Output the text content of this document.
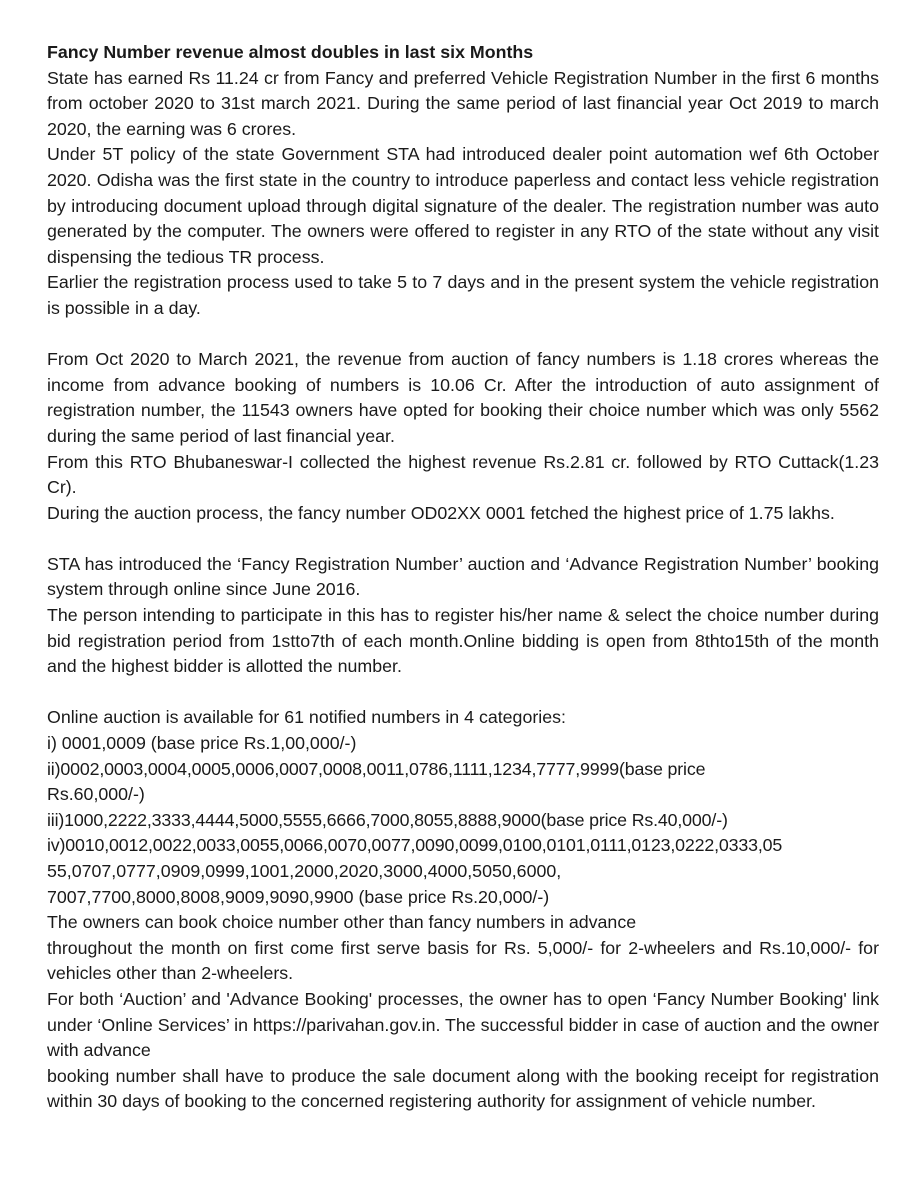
Fancy Number revenue almost doubles in last six Months

State has earned Rs 11.24 cr from Fancy and preferred Vehicle Registration Number in the first 6 months from october 2020 to 31st march 2021. During the same period of last financial year Oct 2019 to march 2020, the earning was 6 crores.

Under 5T policy of the state Government STA had introduced dealer point automation wef 6th October 2020. Odisha was the first state in the country to introduce paperless and contact less vehicle registration by introducing document upload through digital signature of the dealer. The registration number was auto generated by the computer. The owners were offered to register in any RTO of the state without any visit dispensing the tedious TR process.

Earlier the registration process used to take 5 to 7 days and in the present system the vehicle registration is possible in a day.

From Oct 2020 to March 2021, the revenue from auction of fancy numbers is 1.18 crores whereas the income from advance booking of numbers is 10.06 Cr. After the introduction of auto assignment of registration number, the 11543 owners have opted for booking their choice number which was only 5562 during the same period of last financial year.

From this RTO Bhubaneswar-I collected the highest revenue Rs.2.81 cr. followed by RTO Cuttack(1.23 Cr).

During the auction process, the fancy number OD02XX 0001 fetched the highest price of 1.75 lakhs.

STA has introduced the ‘Fancy Registration Number’ auction and ‘Advance Registration Number’ booking system through online since June 2016.

The person intending to participate in this has to register his/her name & select the choice number during bid registration period from 1stto7th of each month.Online bidding is open from 8thto15th of the month and the highest bidder is allotted the number.

Online auction is available for 61 notified numbers in 4 categories:

i) 0001,0009 (base price Rs.1,00,000/-)

ii)0002,0003,0004,0005,0006,0007,0008,0011,0786,1111,1234,7777,9999(base price

Rs.60,000/-)

iii)1000,2222,3333,4444,5000,5555,6666,7000,8055,8888,9000(base price Rs.40,000/-)

iv)0010,0012,0022,0033,0055,0066,0070,0077,0090,0099,0100,0101,0111,0123,0222,0333,05

55,0707,0777,0909,0999,1001,2000,2020,3000,4000,5050,6000,

7007,7700,8000,8008,9009,9090,9900 (base price Rs.20,000/-)

The owners can book choice number other than fancy numbers in advance

throughout the month on first come first serve basis for Rs. 5,000/- for 2-wheelers and Rs.10,000/- for vehicles other than 2-wheelers.

For both ‘Auction’ and 'Advance Booking' processes, the owner has to open ‘Fancy Number Booking' link under ‘Online Services’ in https://parivahan.gov.in. The successful bidder in case of auction and the owner with advance

booking number shall have to produce the sale document along with the booking receipt for registration within 30 days of booking to the concerned registering authority for assignment of vehicle number.
